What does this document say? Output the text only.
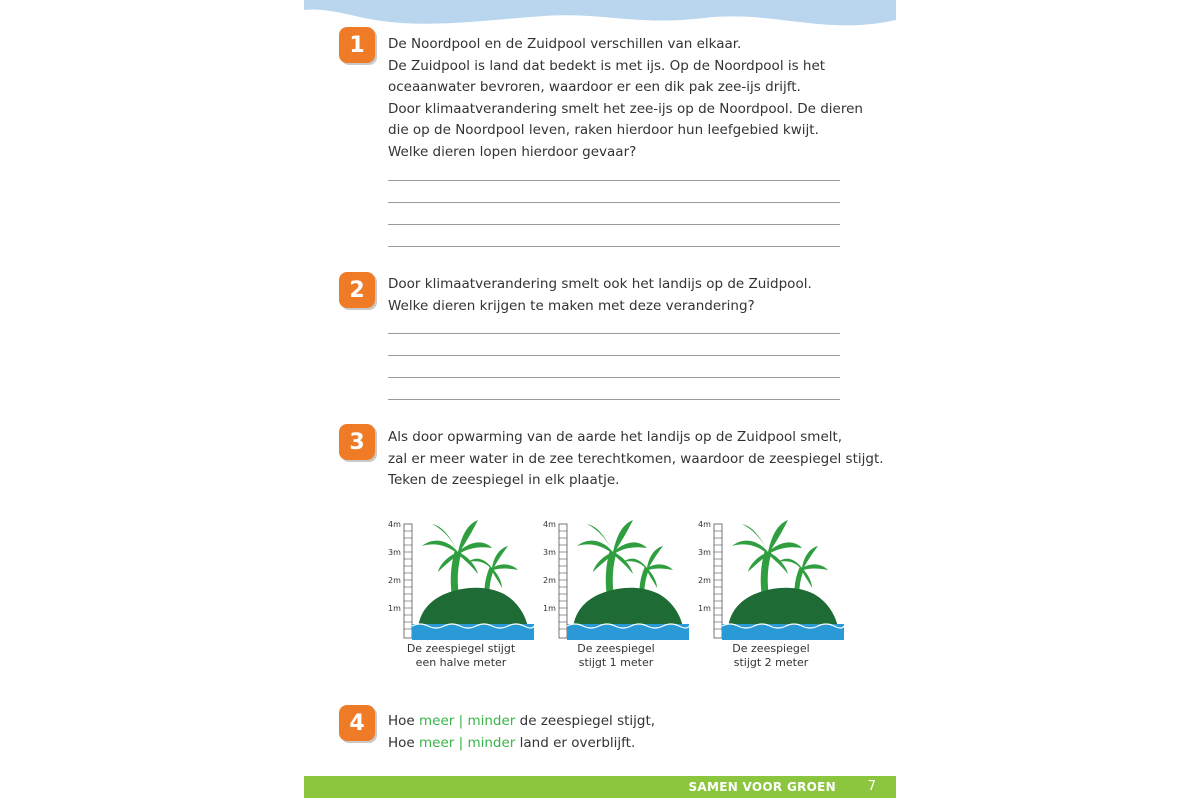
1 De Noordpool en de Zuidpool verschillen van elkaar.

De Zuidpool is land dat bedekt is met ijs. Op de Noordpool is het

oceaanwater bevroren, waardoor er een dik pak zee-ijs drijft.

Door klimaatverandering smelt het zee-ijs op de Noordpool. De dieren

die op de Noordpool leven, raken hierdoor hun leefgebied kwijt.

Welke dieren lopen hierdoor gevaar?

2 Door klimaatverandering smelt ook het landijs op de Zuidpool.

Welke dieren krijgen te maken met deze verandering?

3 Als door opwarming van de aarde het landijs op de Zuidpool smelt,

zal er meer water in de zee terechtkomen, waardoor de zeespiegel stijgt.

Teken de zeespiegel in elk plaatje.

4m
3m
2m
1m
De zeespiegel stijgt
een halve meter
4m
3m
2m
1m
De zeespiegel
stijgt 1 meter
4m
3m
2m
1m
De zeespiegel
stijgt 2 meter
4 Hoe meer | minder de zeespiegel stijgt,

Hoe meer | minder land er overblijft.

SAMEN VOOR GROEN 7
